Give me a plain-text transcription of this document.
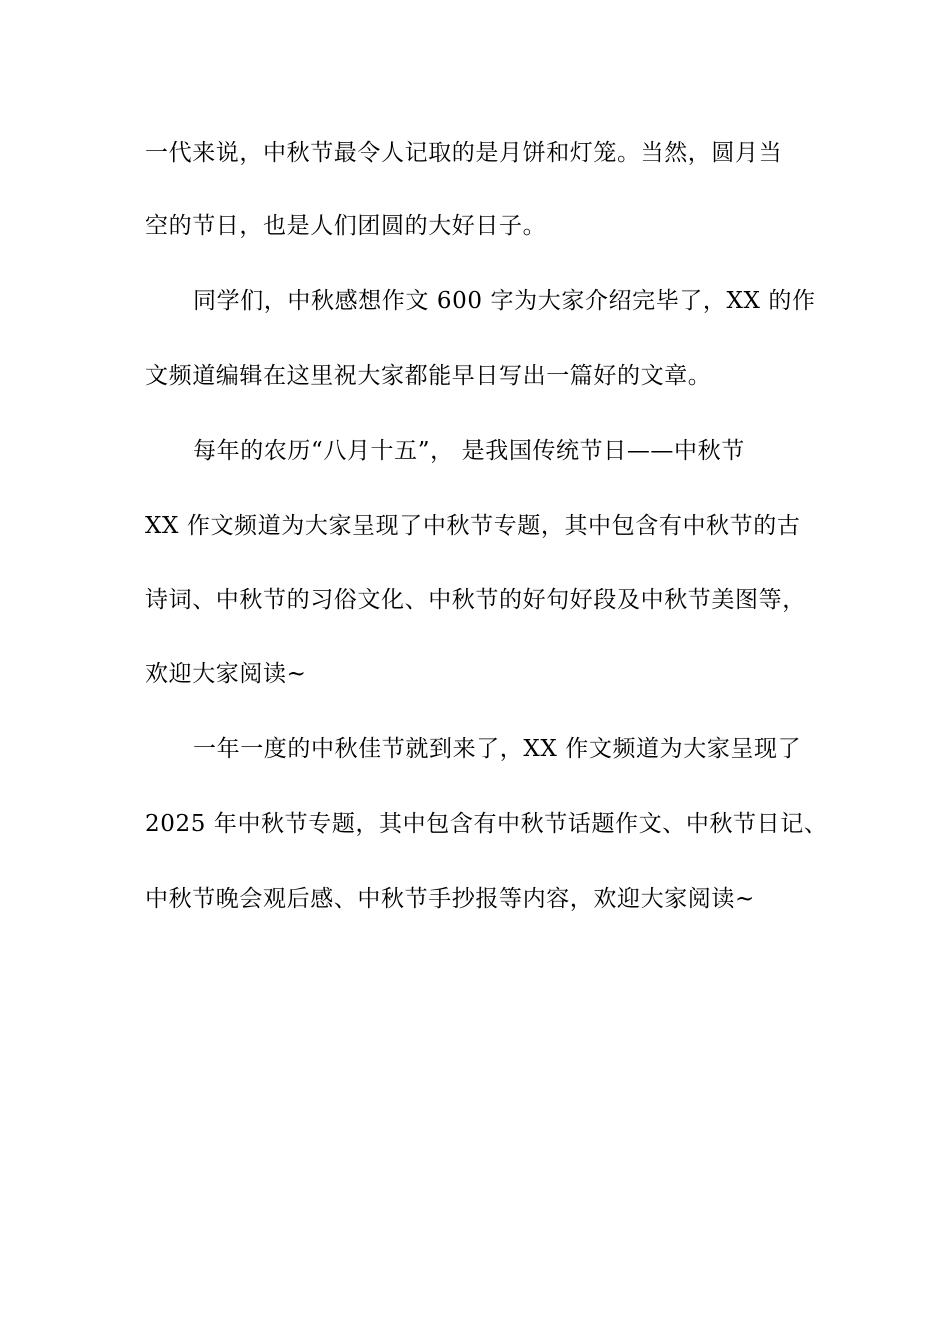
一代来说，中秋节最令人记取的是月饼和灯笼。当然，圆月当
空的节日，也是人们团圆的大好日子。
同学们，中秋感想作文 600 字为大家介绍完毕了，XX 的作
文频道编辑在这里祝大家都能早日写出一篇好的文章。
每年的农历“八月十五”， 是我国传统节日——中秋节
XX 作文频道为大家呈现了中秋节专题，其中包含有中秋节的古
诗词、中秋节的习俗文化、中秋节的好句好段及中秋节美图等，
欢迎大家阅读~
一年一度的中秋佳节就到来了，XX 作文频道为大家呈现了
2025 年中秋节专题，其中包含有中秋节话题作文、中秋节日记、
中秋节晚会观后感、中秋节手抄报等内容，欢迎大家阅读~
